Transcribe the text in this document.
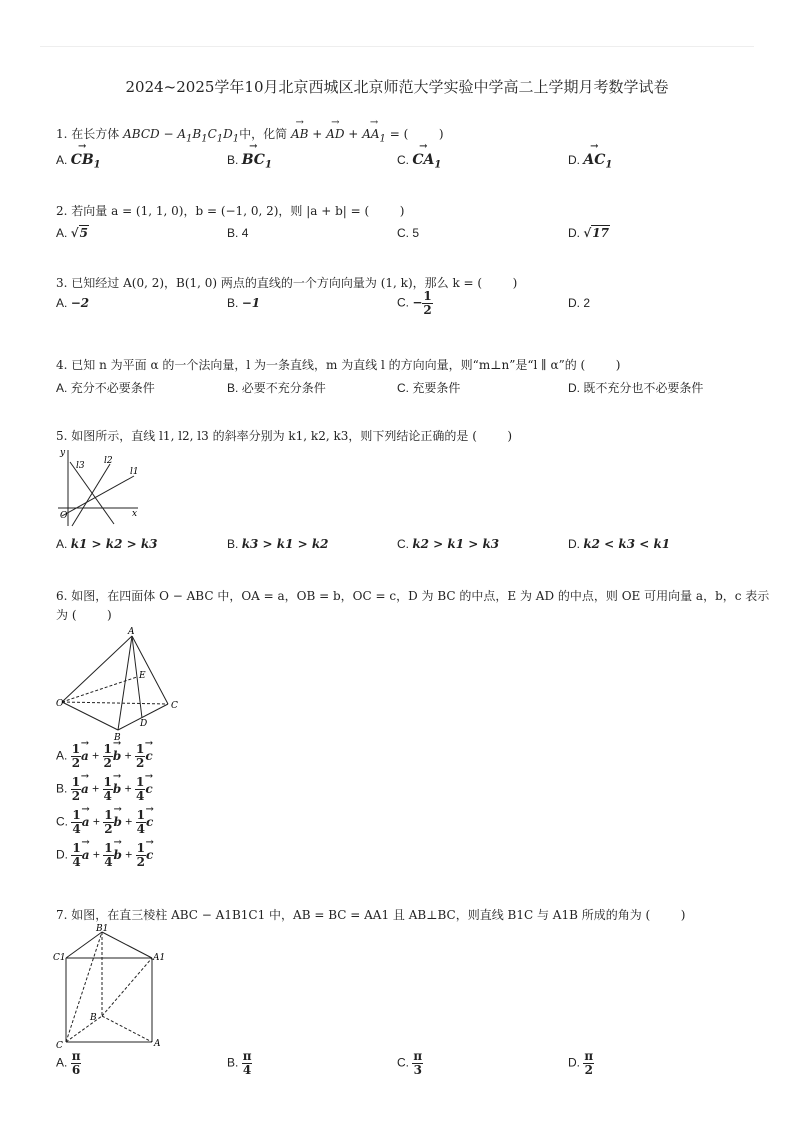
2024~2025学年10月北京西城区北京师范大学实验中学高二上学期月考数学试卷
1. 在长方体 ABCD − $A_1B_1C_1D_1$中，化简 → AB + → AD + → $AA_1$ = (	)
A. → $CB_1$	B. → $BC_1$	C. → $CA_1$	D. → $AC_1$
2. 若向量 a = (1, 1, 0)，b = (−1, 0, 2)，则 |a + b| = (	)
A. √5	B. 4	C. 5	D. √17
3. 已知经过 A(0, 2)，B(1, 0) 两点的直线的一个方向向量为 (1, k)，那么 k = (	)
A. −2	B. −1	C. − $\frac{1}{2}$	D. 2
4. 已知 n 为平面 α 的一个法向量，l 为一条直线，m 为直线 l 的方向向量，则“m⊥n”是“l ∥ α”的 (	)
A. 充分不必要条件	B. 必要不充分条件	C. 充要条件	D. 既不充分也不必要条件
5. 如图所示，直线 l1, l2, l3 的斜率分别为 k1, k2, k3，则下列结论正确的是 (	)
y
x
O
l1
l2
l3
A. k1 > k2 > k3	B. k3 > k1 > k2	C. k2 > k1 > k3	D. k2 < k3 < k1
6. 如图，在四面体 O − ABC 中，OA = a，OB = b，OC = c，D 为 BC 的中点，E 为 AD 的中点，则 OE 可用向量 a，b，c 表示
为 (	)
A
B
C
D
E
O
A. $\frac{1}{2}$
→ $a + \frac{1}{2}$
→ $b + \frac{1}{2}$
→ c
B. $\frac{1}{2}$
→ $a + \frac{1}{4}$
→ $b + \frac{1}{4}$
→ c
C. $\frac{1}{4}$
→ $a + \frac{1}{2}$
→ $b + \frac{1}{4}$
→ c
D. $\frac{1}{4}$
→ $a + \frac{1}{4}$
→ $b + \frac{1}{2}$
→ c
7. 如图，在直三棱柱 ABC − A1B1C1 中，AB = BC = AA1 且 AB⊥BC，则直线 B1C 与 A1B 所成的角为 (	)
B1
C1	A1
B
C	A
A. $\frac{\pi}{6}$	B. $\frac{\pi}{4}$	C. $\frac{\pi}{3}$	D. $\frac{\pi}{2}$
